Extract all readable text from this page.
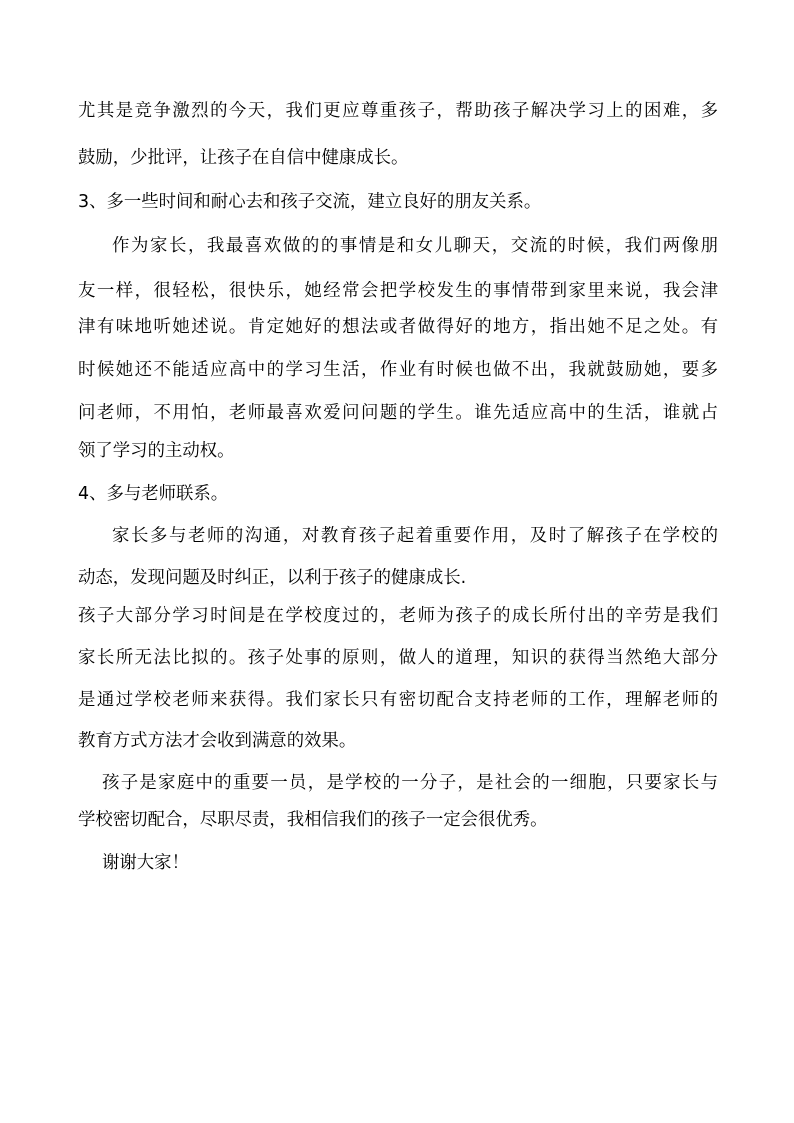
尤其是竞争激烈的今天，我们更应尊重孩子，帮助孩子解决学习上的困难，多
鼓励，少批评，让孩子在自信中健康成长。
3、多一些时间和耐心去和孩子交流，建立良好的朋友关系。
作为家长，我最喜欢做的的事情是和女儿聊天，交流的时候，我们两像朋
友一样，很轻松，很快乐，她经常会把学校发生的事情带到家里来说，我会津
津有味地听她述说。肯定她好的想法或者做得好的地方，指出她不足之处。有
时候她还不能适应高中的学习生活，作业有时候也做不出，我就鼓励她，要多
问老师，不用怕，老师最喜欢爱问问题的学生。谁先适应高中的生活，谁就占
领了学习的主动权。
4、多与老师联系。
家长多与老师的沟通，对教育孩子起着重要作用，及时了解孩子在学校的
动态，发现问题及时纠正，以利于孩子的健康成长.
孩子大部分学习时间是在学校度过的，老师为孩子的成长所付出的辛劳是我们
家长所无法比拟的。孩子处事的原则，做人的道理，知识的获得当然绝大部分
是通过学校老师来获得。我们家长只有密切配合支持老师的工作，理解老师的
教育方式方法才会收到满意的效果。
孩子是家庭中的重要一员，是学校的一分子，是社会的一细胞，只要家长与
学校密切配合，尽职尽责，我相信我们的孩子一定会很优秀。
谢谢大家！
